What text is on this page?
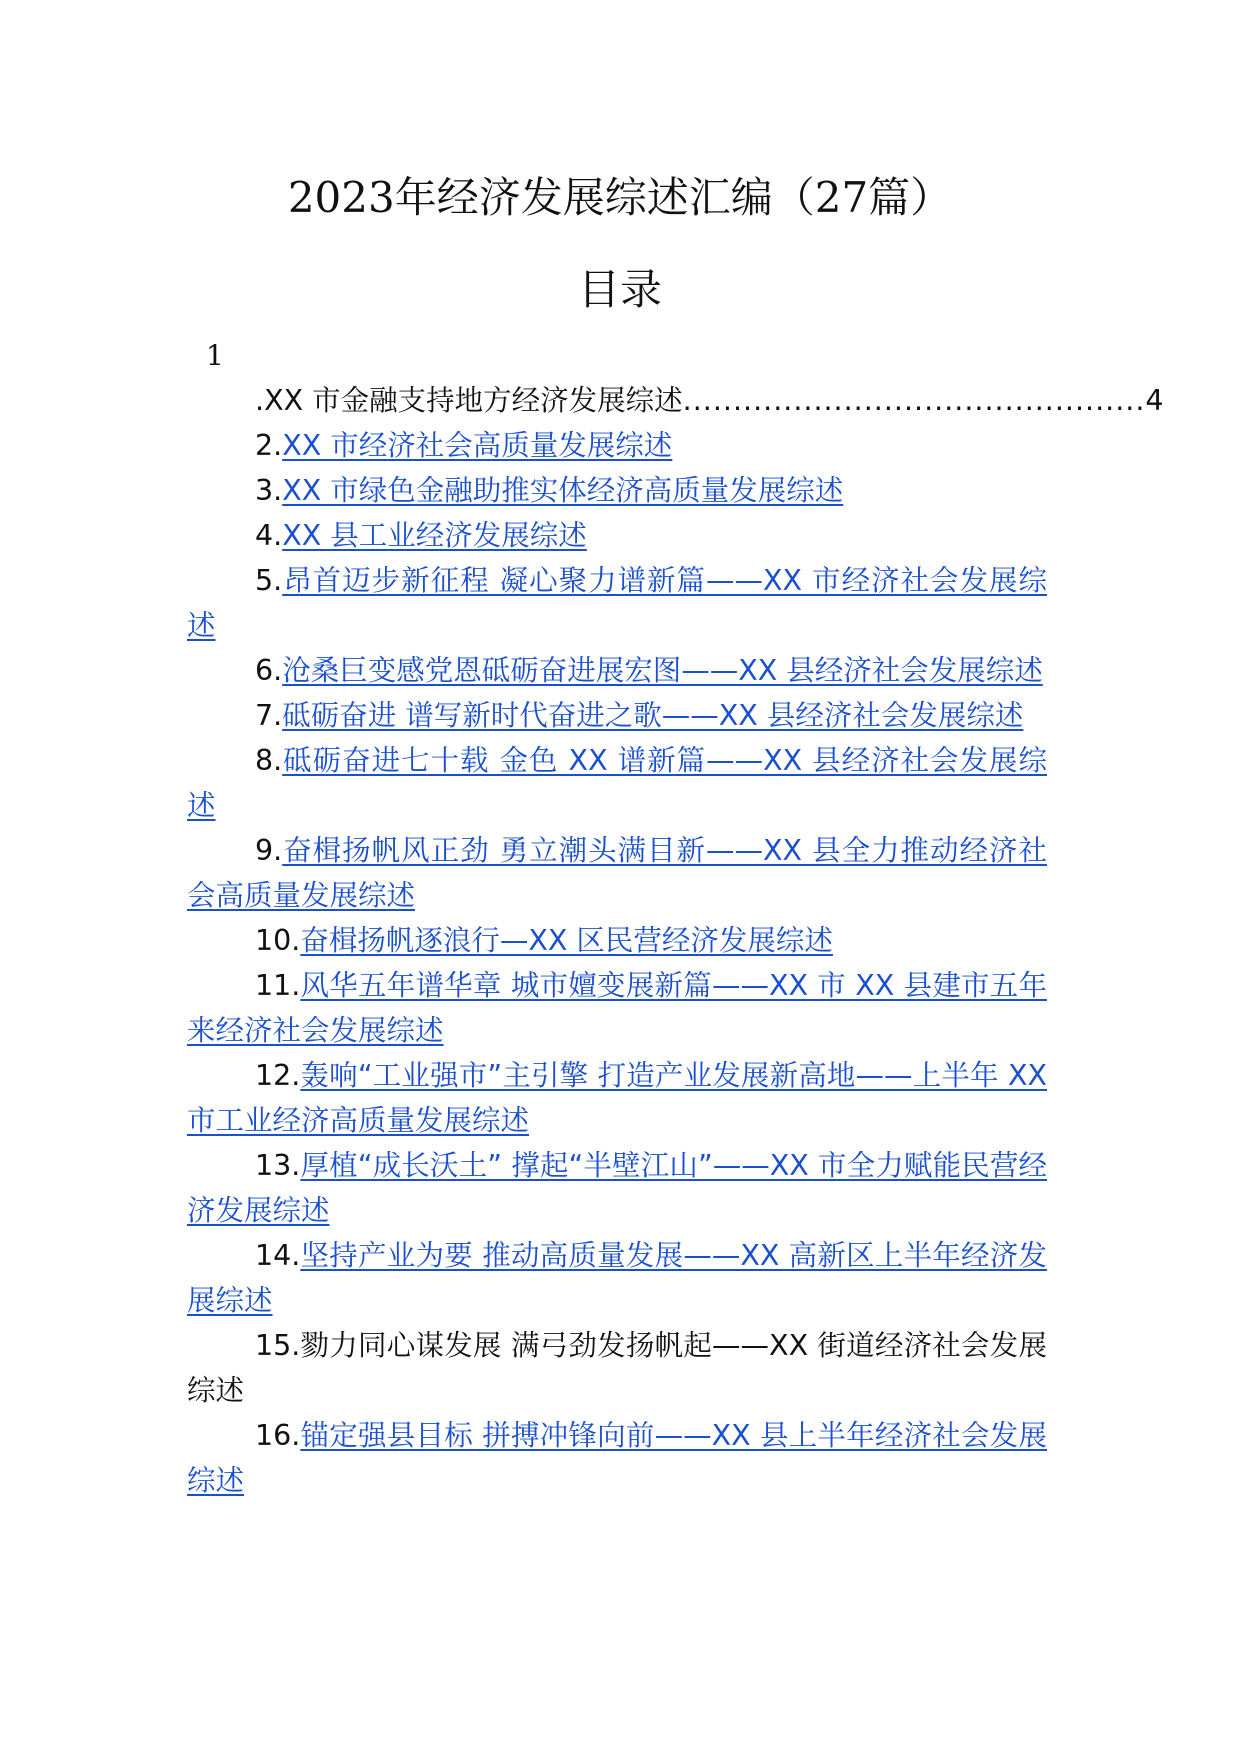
2023年经济发展综述汇编（27篇）
目录
1

.XX 市金融支持地方经济发展综述 .............................................. 4

2.XX 市经济社会高质量发展综述

3.XX 市绿色金融助推实体经济高质量发展综述

4.XX 县工业经济发展综述

5.昂首迈步新征程 凝心聚力谱新篇——XX 市经济社会发展综述

6.沧桑巨变感党恩砥砺奋进展宏图——XX 县经济社会发展综述

7.砥砺奋进 谱写新时代奋进之歌——XX 县经济社会发展综述

8.砥砺奋进七十载 金色 XX 谱新篇——XX 县经济社会发展综述

9.奋楫扬帆风正劲 勇立潮头满目新——XX 县全力推动经济社会高质量发展综述

10.奋楫扬帆逐浪行—XX 区民营经济发展综述

11.风华五年谱华章 城市嬗变展新篇——XX 市 XX 县建市五年来经济社会发展综述

12.轰响“工业强市”主引擎 打造产业发展新高地——上半年 XX 市工业经济高质量发展综述

13.厚植“成长沃土” 撑起“半壁江山”——XX 市全力赋能民营经济发展综述

14.坚持产业为要 推动高质量发展——XX 高新区上半年经济发展综述

15.勠力同心谋发展 满弓劲发扬帆起——XX 街道经济社会发展综述

16.锚定强县目标 拼搏冲锋向前——XX 县上半年经济社会发展综述
